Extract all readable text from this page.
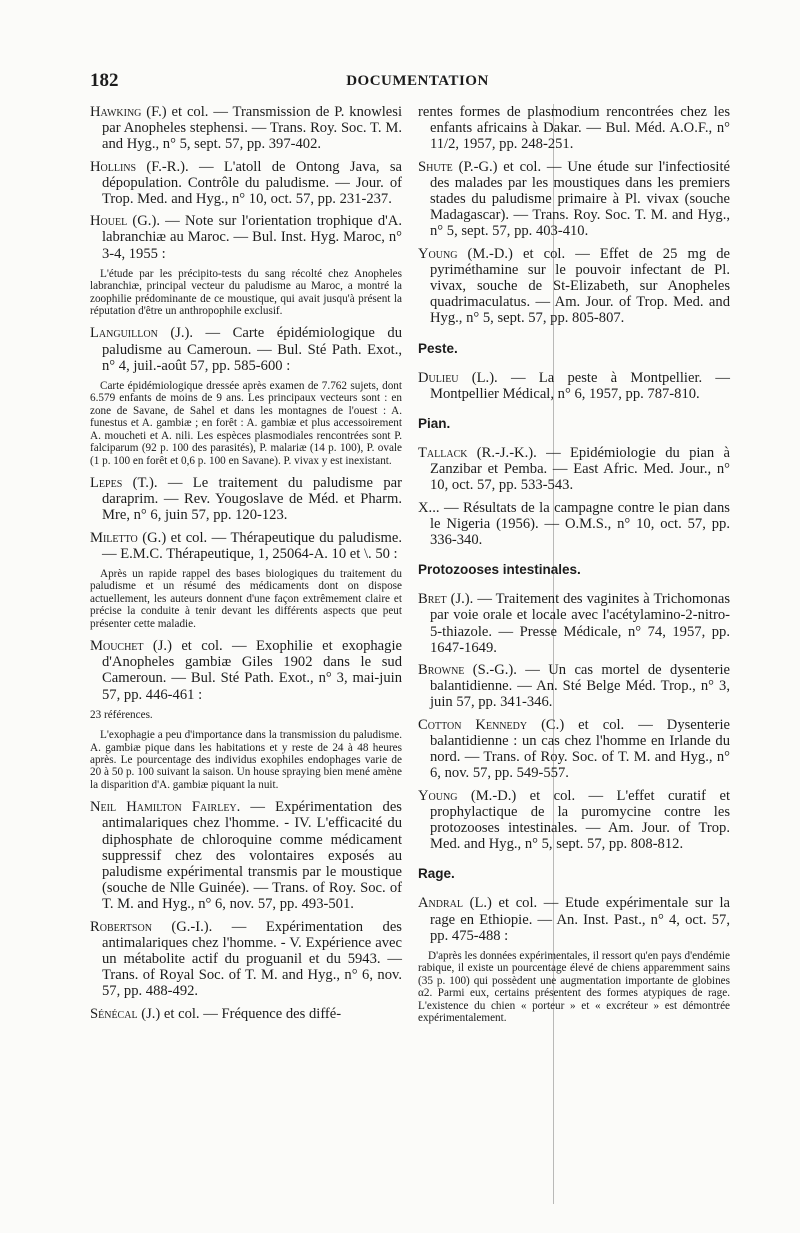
182	DOCUMENTATION

Hawking (F.) et col. — Transmission de P. knowlesi par Anopheles stephensi. — Trans. Roy. Soc. T. M. and Hyg., n° 5, sept. 57, pp. 397-402.

Hollins (F.-R.). — L'atoll de Ontong Java, sa dépopulation. Contrôle du paludisme. — Jour. of Trop. Med. and Hyg., n° 10, oct. 57, pp. 231-237.

Houel (G.). — Note sur l'orientation trophique d'A. labranchiæ au Maroc. — Bul. Inst. Hyg. Maroc, n° 3-4, 1955 :

L'étude par les précipito-tests du sang récolté chez Anopheles labranchiæ, principal vecteur du paludisme au Maroc, a montré la zoophilie prédominante de ce moustique, qui avait jusqu'à présent la réputation d'être un anthropophile exclusif.

Languillon (J.). — Carte épidémiologique du paludisme au Cameroun. — Bul. Sté Path. Exot., n° 4, juil.-août 57, pp. 585-600 :

Carte épidémiologique dressée après examen de 7.762 sujets, dont 6.579 enfants de moins de 9 ans. Les principaux vecteurs sont : en zone de Savane, de Sahel et dans les montagnes de l'ouest : A. funestus et A. gambiæ ; en forêt : A. gambiæ et plus accessoirement A. moucheti et A. nili. Les espèces plasmodiales rencontrées sont P. falciparum (92 p. 100 des parasités), P. malariæ (14 p. 100), P. ovale (1 p. 100 en forêt et 0,6 p. 100 en Savane). P. vivax y est inexistant.

Lepes (T.). — Le traitement du paludisme par daraprim. — Rev. Yougoslave de Méd. et Pharm. Mre, n° 6, juin 57, pp. 120-123.

Miletto (G.) et col. — Thérapeutique du paludisme. — E.M.C. Thérapeutique, 1, 25064-A. 10 et \. 50 :

Après un rapide rappel des bases biologiques du traitement du paludisme et un résumé des médicaments dont on dispose actuellement, les auteurs donnent d'une façon extrêmement claire et précise la conduite à tenir devant les différents aspects que peut présenter cette maladie.

Mouchet (J.) et col. — Exophilie et exophagie d'Anopheles gambiæ Giles 1902 dans le sud Cameroun. — Bul. Sté Path. Exot., n° 3, mai-juin 57, pp. 446-461 :

23 références.

L'exophagie a peu d'importance dans la transmission du paludisme. A. gambiæ pique dans les habitations et y reste de 24 à 48 heures après. Le pourcentage des individus exophiles endophages varie de 20 à 50 p. 100 suivant la saison. Un house spraying bien mené amène la disparition d'A. gambiæ piquant la nuit.

Neil Hamilton Fairley. — Expérimentation des antimalariques chez l'homme. - IV. L'efficacité du diphosphate de chloroquine comme médicament suppressif chez des volontaires exposés au paludisme expérimental transmis par le moustique (souche de Nlle Guinée). — Trans. of Roy. Soc. of T. M. and Hyg., n° 6, nov. 57, pp. 493-501.

Robertson (G.-I.). — Expérimentation des antimalariques chez l'homme. - V. Expérience avec un métabolite actif du proguanil et du 5943. — Trans. of Royal Soc. of T. M. and Hyg., n° 6, nov. 57, pp. 488-492.

Sénécal (J.) et col. — Fréquence des diffé-

rentes formes de plasmodium rencontrées chez les enfants africains à Dakar. — Bul. Méd. A.O.F., n° 11/2, 1957, pp. 248-251.

Shute (P.-G.) et col. — Une étude sur l'infectiosité des malades par les moustiques dans les premiers stades du paludisme primaire à Pl. vivax (souche Madagascar). — Trans. Roy. Soc. T. M. and Hyg., n° 5, sept. 57, pp. 403-410.

Young (M.-D.) et col. — Effet de 25 mg de pyriméthamine sur le pouvoir infectant de Pl. vivax, souche de St-Elizabeth, sur Anopheles quadrimaculatus. — Am. Jour. of Trop. Med. and Hyg., n° 5, sept. 57, pp. 805-807.

Peste.

Dulieu (L.). — La peste à Montpellier. — Montpellier Médical, n° 6, 1957, pp. 787-810.

Pian.

Tallack (R.-J.-K.). — Epidémiologie du pian à Zanzibar et Pemba. — East Afric. Med. Jour., n° 10, oct. 57, pp. 533-543.

X... — Résultats de la campagne contre le pian dans le Nigeria (1956). — O.M.S., n° 10, oct. 57, pp. 336-340.

Protozooses intestinales.

Bret (J.). — Traitement des vaginites à Trichomonas par voie orale et locale avec l'acétylamino-2-nitro-5-thiazole. — Presse Médicale, n° 74, 1957, pp. 1647-1649.

Browne (S.-G.). — Un cas mortel de dysenterie balantidienne. — An. Sté Belge Méd. Trop., n° 3, juin 57, pp. 341-346.

Cotton Kennedy (C.) et col. — Dysenterie balantidienne : un cas chez l'homme en Irlande du nord. — Trans. of Roy. Soc. of T. M. and Hyg., n° 6, nov. 57, pp. 549-557.

Young (M.-D.) et col. — L'effet curatif et prophylactique de la puromycine contre les protozooses intestinales. — Am. Jour. of Trop. Med. and Hyg., n° 5, sept. 57, pp. 808-812.

Rage.

Andral (L.) et col. — Etude expérimentale sur la rage en Ethiopie. — An. Inst. Past., n° 4, oct. 57, pp. 475-488 :

D'après les données expérimentales, il ressort qu'en pays d'endémie rabique, il existe un pourcentage élevé de chiens apparemment sains (35 p. 100) qui possèdent une augmentation importante de globines α2. Parmi eux, certains présentent des formes atypiques de rage. L'existence du chien « porteur » et « excréteur » est démontrée expérimentalement.
